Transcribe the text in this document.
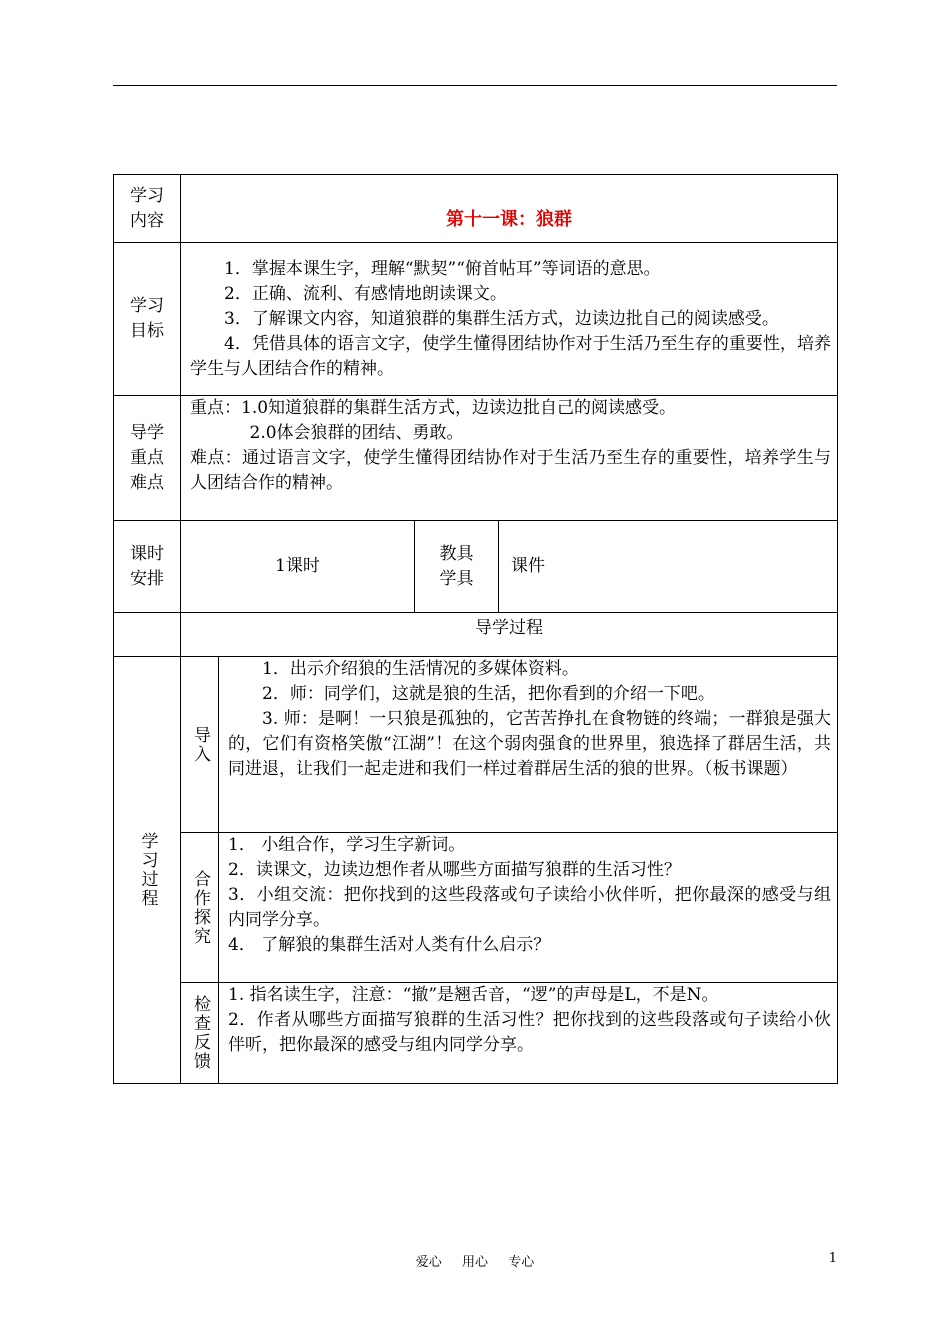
学习内容	第十一课：狼群			

学习目标	1．掌握本课生字，理解“默契”“俯首帖耳”等词语的意思。

2．正确、流利、有感情地朗读课文。

3．了解课文内容，知道狼群的集群生活方式，边读边批自己的阅读感受。

4．凭借具体的语言文字，使学生懂得团结协作对于生活乃至生存的重要性，培养学生与人团结合作的精神。			

导学重点难点	重点：1.0知道狼群的集群生活方式，边读边批自己的阅读感受。

2.0体会狼群的团结、勇敢。

难点：通过语言文字，使学生懂得团结协作对于生活乃至生存的重要性，培养学生与人团结合作的精神。			

课时安排	1课时		教具学具	课件
	导学过程			

学习过程	导入	1．出示介绍狼的生活情况的多媒体资料。

2．师：同学们，这就是狼的生活，把你看到的介绍一下吧。

3. 师：是啊！一只狼是孤独的，它苦苦挣扎在食物链的终端；一群狼是强大的，它们有资格笑傲“江湖”！在这个弱肉强食的世界里，狼选择了群居生活，共同进退，让我们一起走进和我们一样过着群居生活的狼的世界。（板书课题）		

	合作探究	1． 小组合作，学习生字新词。

2．读课文，边读边想作者从哪些方面描写狼群的生活习性？

3．小组交流：把你找到的这些段落或句子读给小伙伴听，把你最深的感受与组内同学分享。

4． 了解狼的集群生活对人类有什么启示？		

	检查反馈	1. 指名读生字，注意：“撤”是翘舌音，“逻”的声母是L，不是N。

2．作者从哪些方面描写狼群的生活习性？把你找到的这些段落或句子读给小伙伴听，把你最深的感受与组内同学分享。		

爱心  用心  专心	1
